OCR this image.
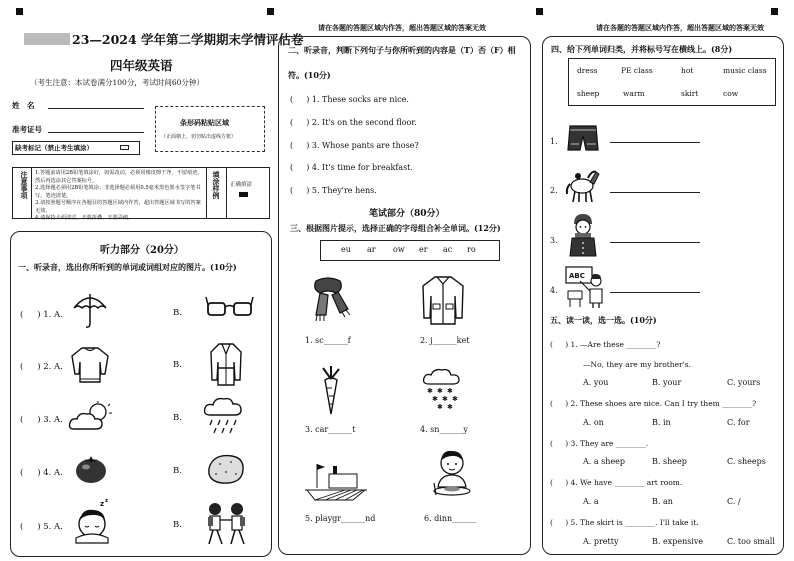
23—2024 学年第二学期期末学情评估卷
四年级英语
（考生注意：本试卷满分100分，考试时间60分钟）
姓　名
准考证号
缺考标记（禁止考生填涂）
条形码粘贴区域
（正面朝上，切勿贴出虚线方框）
注意事项 1.答题前请用2B铅笔填涂好，如需改动，必须用橡皮擦干净，不留痕迹，然后再选涂其它答案标号。
2.选择题必须用2B铅笔填涂；非选择题必须用0.5毫米黑色墨水签字笔书写，笔迹清楚。
3.请按照题号顺序在各题目的答题区域内作答，超出答题区域书写的答案无效。
4.请保持卡面清洁，不要折叠、不要弄破。
填涂样例 正确填涂
听力部分（20分）
一、听录音，选出你所听到的单词或词组对应的图片。(10分)
( 　 ) 1. A.	B.
( 　 ) 2. A.	B.
( 　 ) 3. A.	B.
( 　 ) 4. A.	B.
( 　 ) 5. A.
z z
B.
请在各题的答题区域内作答，超出答题区域的答案无效
二、听录音，判断下列句子与你所听到的内容是（T）否（F）相
符。(10分)
( 　 ) 1. These socks are nice.
( 　 ) 2. It's on the second floor.
( 　 ) 3. Whose pants are those?
( 　 ) 4. It's time for breakfast.
( 　 ) 5. They're hens.
笔试部分（80分）
三、根据图片提示，选择正确的字母组合补全单词。(12分)
eu ar ow er ac ro
1. sc______f	2. j______ket
3. car______t
✱ ✱ ✱
✱ ✱ ✱
✱ ✱
4. sn______y
5. playgr______nd	6. dinn______
请在各题的答题区域内作答，超出答题区域的答案无效
四、给下列单词归类，并将标号写在横线上。(8分)
dress	PE class	hot	music class
sheep	warm	skirt	cow
1.
2.
3.
4.
ABC
五、读一读，选一选。(10分)
( 　 ) 1. —Are these ________?
—No, they are my brother's.
A. you	B. your	C. yours
( 　 ) 2. These shoes are nice. Can I try them ________?
A. on	B. in	C. for
( 　 ) 3. They are ________.
A. a sheep	B. sheep	C. sheeps
( 　 ) 4. We have ________ art room.
A. a	B. an	C. /
( 　 ) 5. The skirt is ________. I'll take it.
A. pretty	B. expensive	C. too small
